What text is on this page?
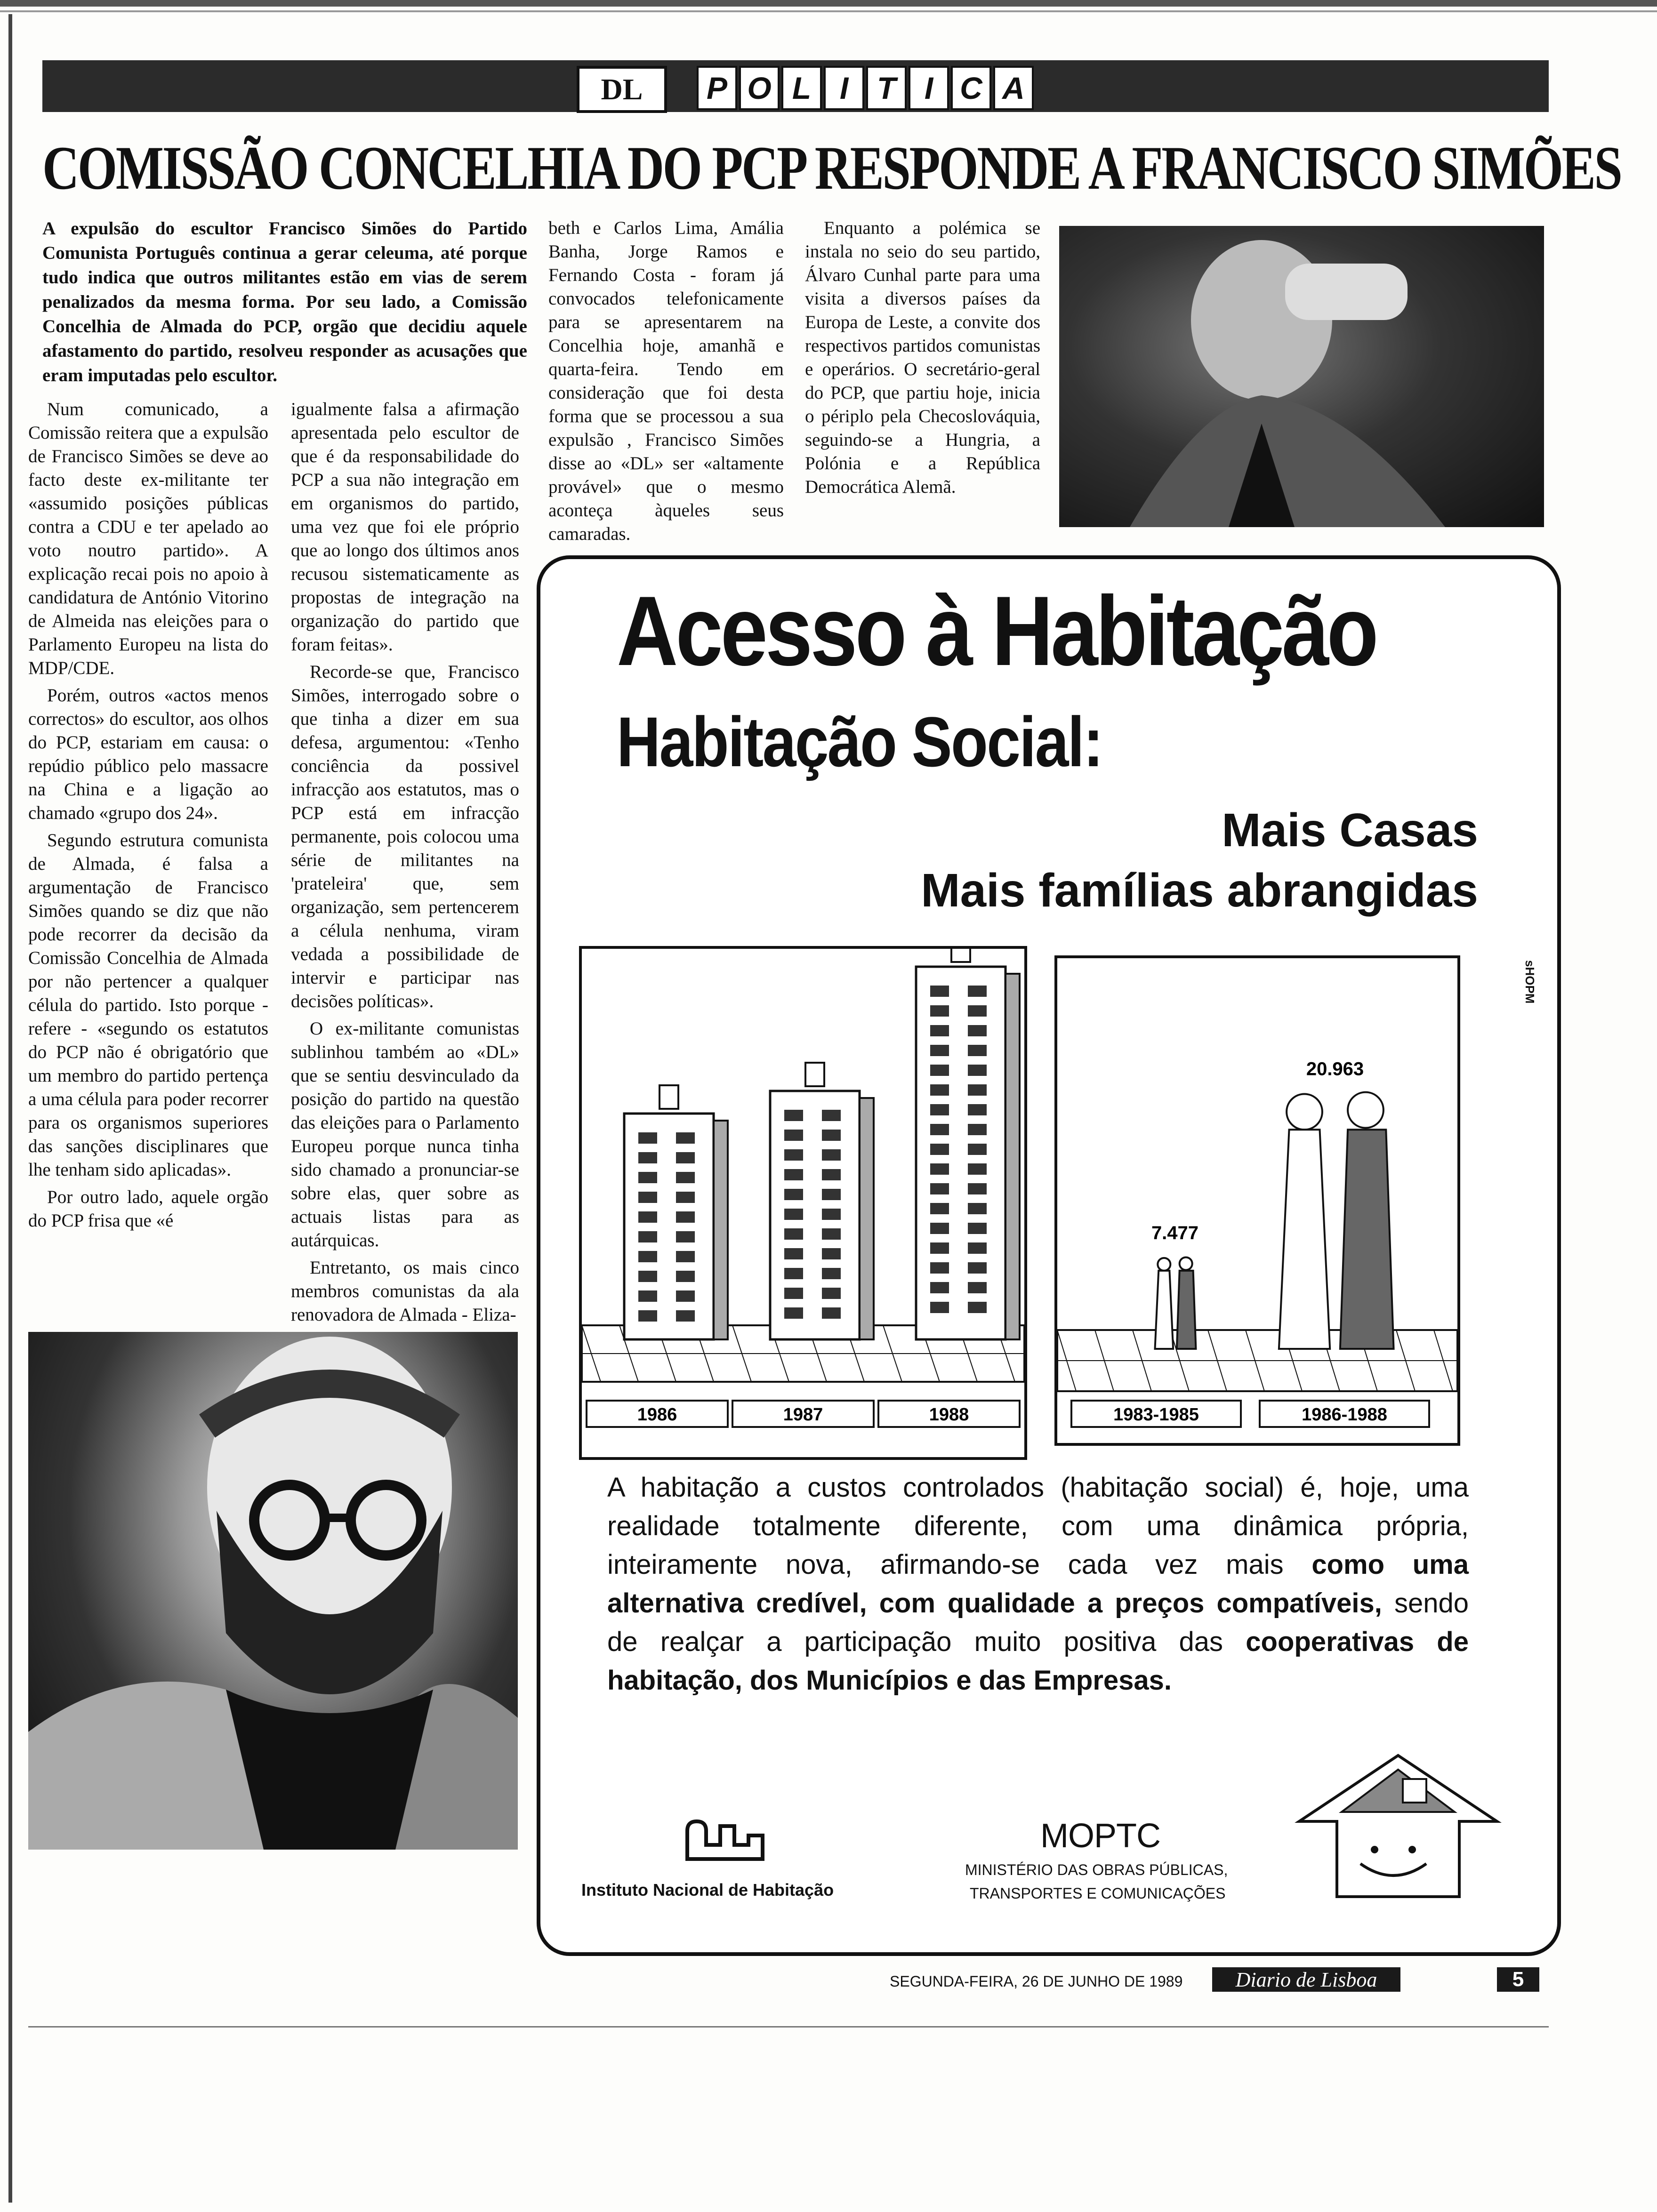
DL	P O L I T I C A
COMISSÃO CONCELHIA DO PCP RESPONDE A FRANCISCO SIMÕES
A expulsão do escultor Francisco Simões do Partido Comunista Português continua a gerar celeuma, até porque tudo indica que outros militantes estão em vias de serem penalizados da mesma forma. Por seu lado, a Comissão Concelhia de Almada do PCP, orgão que decidiu aquele afastamento do partido, resolveu responder as acusações que eram imputadas pelo escultor.

Num comunicado, a Comissão reitera que a expulsão de Francisco Simões se deve ao facto deste ex-militante ter «assumido posições públicas contra a CDU e ter apelado ao voto noutro partido». A explicação recai pois no apoio à candidatura de António Vitorino de Almeida nas eleições para o Parlamento Europeu na lista do MDP/CDE.

Porém, outros «actos menos correctos» do escultor, aos olhos do PCP, estariam em causa: o repúdio público pelo massacre na China e a ligação ao chamado «grupo dos 24».

Segundo estrutura comunista de Almada, é falsa a argumentação de Francisco Simões quando se diz que não pode recorrer da decisão da Comissão Concelhia de Almada por não pertencer a qualquer célula do partido. Isto porque - refere - «segundo os estatutos do PCP não é obrigatório que um membro do partido pertença a uma célula para poder recorrer para os organismos superiores das sanções disciplinares que lhe tenham sido aplicadas».

Por outro lado, aquele orgão do PCP frisa que «é

igualmente falsa a afirmação apresentada pelo escultor de que é da responsabilidade do PCP a sua não integração em em organismos do partido, uma vez que foi ele próprio que ao longo dos últimos anos recusou sistematicamente as propostas de integração na organização do partido que foram feitas».

Recorde-se que, Francisco Simões, interrogado sobre o que tinha a dizer em sua defesa, argumentou: «Tenho conciência da possivel infracção aos estatutos, mas o PCP está em infracção permanente, pois colocou uma série de militantes na 'prateleira' que, sem organização, sem pertencerem a célula nenhuma, viram vedada a possibilidade de intervir e participar nas decisões políticas».

O ex-militante comunistas sublinhou também ao «DL» que se sentiu desvinculado da posição do partido na questão das eleições para o Parlamento Europeu porque nunca tinha sido chamado a pronunciar-se sobre elas, quer sobre as actuais listas para as autárquicas.

Entretanto, os mais cinco membros comunistas da ala renovadora de Almada - Eliza-

beth e Carlos Lima, Amália Banha, Jorge Ramos e Fernando Costa - foram já convocados telefonicamente para se apresentarem na Concelhia hoje, amanhã e quarta-feira. Tendo em consideração que foi desta forma que se processou a sua expulsão , Francisco Simões disse ao «DL» ser «altamente provável» que o mesmo aconteça àqueles seus camaradas.

Enquanto a polémica se instala no seio do seu partido, Álvaro Cunhal parte para uma visita a diversos países da Europa de Leste, a convite dos respectivos partidos comunistas e operários. O secretário-geral do PCP, que partiu hoje, inicia o périplo pela Checoslováquia, seguindo-se a Hungria, a Polónia e a República Democrática Alemã.

Acesso à Habitação
Habitação Social:
Mais Casas
Mais famílias abrangidas
sHOPM
1986	1987	1988
7.477
1983-1985
20.963
1986-1988
A habitação a custos controlados (habitação social) é, hoje, uma realidade totalmente diferente, com uma dinâmica própria, inteiramente nova, afirmando-se cada vez mais como uma alternativa credível, com qualidade a preços compatíveis, sendo de realçar a participação muito positiva das cooperativas de habitação, dos Municípios e das Empresas.
Instituto Nacional de Habitação
MOPTC
MINISTÉRIO DAS OBRAS PÚBLICAS,
TRANSPORTES E COMUNICAÇÕES
SEGUNDA-FEIRA, 26 DE JUNHO DE 1989	Diario de Lisboa	5
